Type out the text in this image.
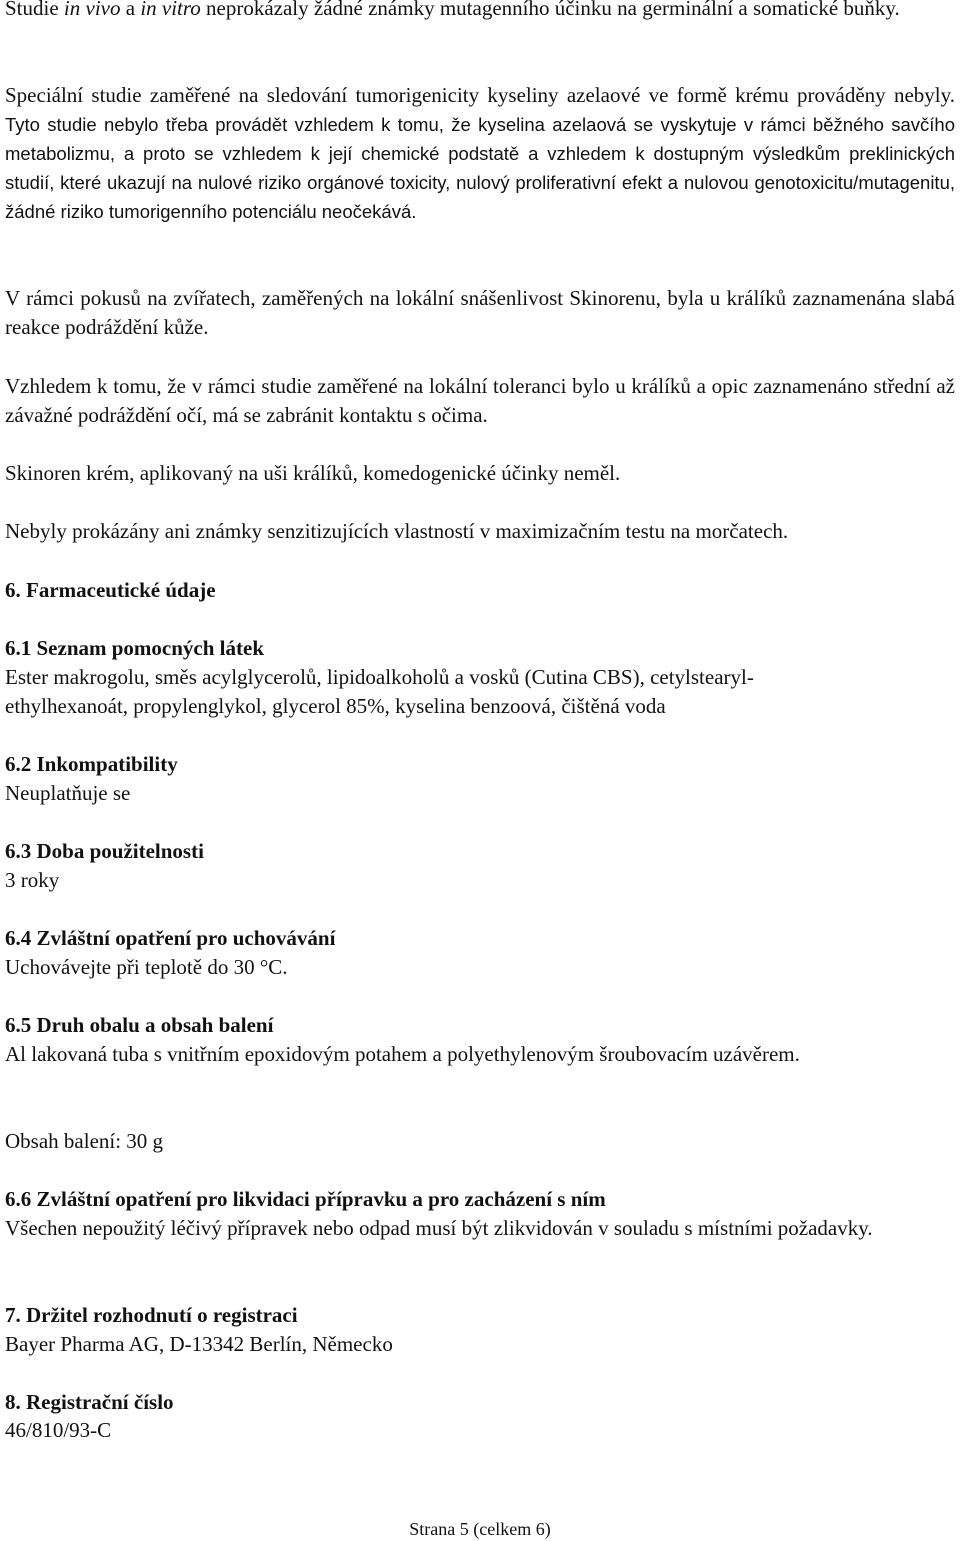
Studie in vivo a in vitro neprokázaly žádné známky mutagenního účinku na germinální a somatické buňky.

Speciální studie zaměřené na sledování tumorigenicity kyseliny azelaové ve formě krému prováděny nebyly. Tyto studie nebylo třeba provádět vzhledem k tomu, že kyselina azelaová se vyskytuje v rámci běžného savčího metabolizmu, a proto se vzhledem k její chemické podstatě a vzhledem k dostupným výsledkům preklinických studií, které ukazují na nulové riziko orgánové toxicity, nulový proliferativní efekt a nulovou genotoxicitu/mutagenitu, žádné riziko tumorigenního potenciálu neočekává.

V rámci pokusů na zvířatech, zaměřených na lokální snášenlivost Skinorenu, byla u králíků zaznamenána slabá reakce podráždění kůže.

Vzhledem k tomu, že v rámci studie zaměřené na lokální toleranci bylo u králíků a opic zaznamenáno střední až závažné podráždění očí, má se zabránit kontaktu s očima.

Skinoren krém, aplikovaný na uši králíků, komedogenické účinky neměl.

Nebyly prokázány ani známky senzitizujících vlastností v maximizačním testu na morčatech.

6. Farmaceutické údaje
6.1 Seznam pomocných látek
Ester makrogolu, směs acylglycerolů, lipidoalkoholů a vosků (Cutina CBS), cetylstearyl-
ethylhexanoát, propylenglykol, glycerol 85%, kyselina benzoová, čištěná voda
6.2 Inkompatibility
Neuplatňuje se
6.3 Doba použitelnosti
3 roky
6.4 Zvláštní opatření pro uchovávání
Uchovávejte při teplotě do 30 °C.
6.5 Druh obalu a obsah balení

Al lakovaná tuba s vnitřním epoxidovým potahem a polyethylenovým šroubovacím uzávěrem.

Obsah balení: 30 g
6.6 Zvláštní opatření pro likvidaci přípravku a pro zacházení s ním

Všechen nepoužitý léčivý přípravek nebo odpad musí být zlikvidován v souladu s místními požadavky.

7. Držitel rozhodnutí o registraci
Bayer Pharma AG, D-13342 Berlín, Německo
8. Registrační číslo
46/810/93-C
Strana 5 (celkem 6)
